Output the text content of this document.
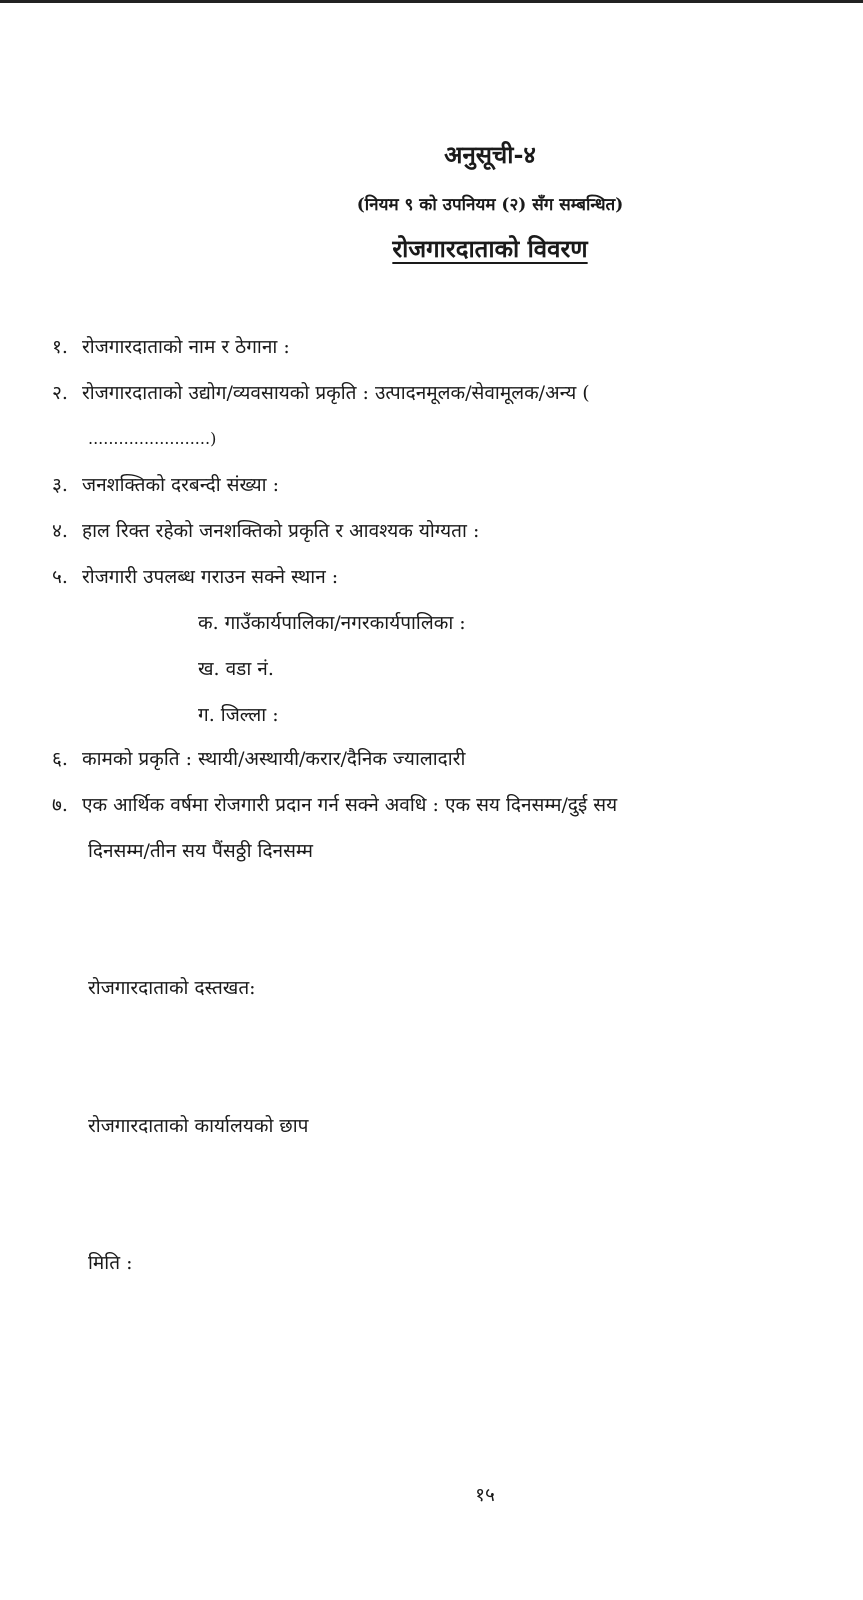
अनुसूची-४
(नियम ९ को उपनियम (२) सँग सम्बन्धित)
रोजगारदाताको विवरण
१. रोजगारदाताको नाम र ठेगाना :
२. रोजगारदाताको उद्योग/व्यवसायको प्रकृति : उत्पादनमूलक/सेवामूलक/अन्य (
........................)
३. जनशक्तिको दरबन्दी संख्या :
४. हाल रिक्त रहेको जनशक्तिको प्रकृति र आवश्यक योग्यता :
५. रोजगारी उपलब्ध गराउन सक्ने स्थान :
क. गाउँकार्यपालिका/नगरकार्यपालिका :
ख. वडा नं.
ग. जिल्ला :
६. कामको प्रकृति : स्थायी/अस्थायी/करार/दैनिक ज्यालादारी
७. एक आर्थिक वर्षमा रोजगारी प्रदान गर्न सक्ने अवधि : एक सय दिनसम्म/दुई सय
दिनसम्म/तीन सय पैंसठ्ठी दिनसम्म
रोजगारदाताको दस्तखत:
रोजगारदाताको कार्यालयको छाप
मिति :
१५
